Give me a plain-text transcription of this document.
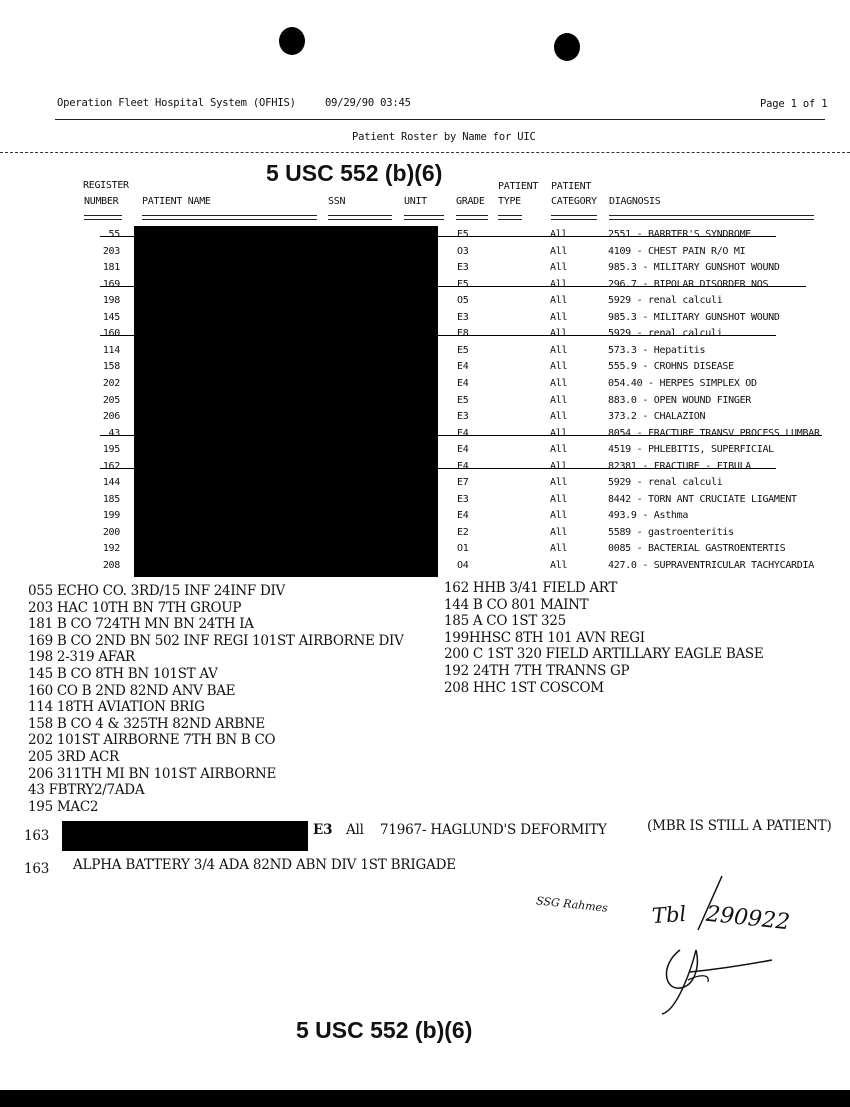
Operation Fleet Hospital System (OFHIS)	09/29/90 03:45	Page 1 of 1
Patient Roster by Name for UIC
5 USC 552 (b)(6)
REGISTER
NUMBER PATIENT NAME	SSN	UNIT	GRADE
PATIENT
TYPE
PATIENT
CATEGORY DIAGNOSIS
55	E5	All	2551 - BARRTER'S SYNDROME
203	O3	All	4109 - CHEST PAIN R/O MI
181	E3	All	985.3 - MILITARY GUNSHOT WOUND
169	E5	All	296.7 - BIPOLAR DISORDER NOS
198	O5	All	5929 - renal calculi
145	E3	All	985.3 - MILITARY GUNSHOT WOUND
160	E8	All	5929 - renal calculi
114	E5	All	573.3 - Hepatitis
158	E4	All	555.9 - CROHNS DISEASE
202	E4	All	054.40 - HERPES SIMPLEX OD
205	E5	All	883.0 - OPEN WOUND FINGER
206	E3	All	373.2 - CHALAZION
43	E4	All	8054 - FRACTURE TRANSV PROCESS LUMBAR
195	E4	All	4519 - PHLEBITIS, SUPERFICIAL
162	E4	All	82381 - FRACTURE - FIBULA
144	E7	All	5929 - renal calculi
185	E3	All	8442 - TORN ANT CRUCIATE LIGAMENT
199	E4	All	493.9 - Asthma
200	E2	All	5589 - gastroenteritis
192	O1	All	0085 - BACTERIAL GASTROENTERTIS
208	O4	All	427.0 - SUPRAVENTRICULAR TACHYCARDIA
055 ECHO CO. 3RD/15 INF 24INF DIV
203 HAC 10TH BN 7TH GROUP
181 B CO 724TH MN BN 24TH IA
169 B CO 2ND BN 502 INF REGI 101ST AIRBORNE DIV
198 2-319 AFAR
145 B CO 8TH BN 101ST AV
160 CO B 2ND 82ND ANV BAE
114 18TH AVIATION BRIG
158 B CO 4 & 325TH 82ND ARBNE
202 101ST AIRBORNE 7TH BN B CO
205 3RD ACR
206 311TH MI BN 101ST AIRBORNE
43 FBTRY2/7ADA
195 MAC2
162 HHB 3/41 FIELD ART
144 B CO 801 MAINT
185 A CO 1ST 325
199HHSC 8TH 101 AVN REGI
200 C 1ST 320 FIELD ARTILLARY EAGLE BASE
192 24TH 7TH TRANNS GP
208 HHC 1ST COSCOM
163	E3 All 71967- HAGLUND'S DEFORMITY	(MBR IS STILL A PATIENT)
163 ALPHA BATTERY 3/4 ADA 82ND ABN DIV 1ST BRIGADE
SSG Rahmes Tbl 290922
5 USC 552 (b)(6)
